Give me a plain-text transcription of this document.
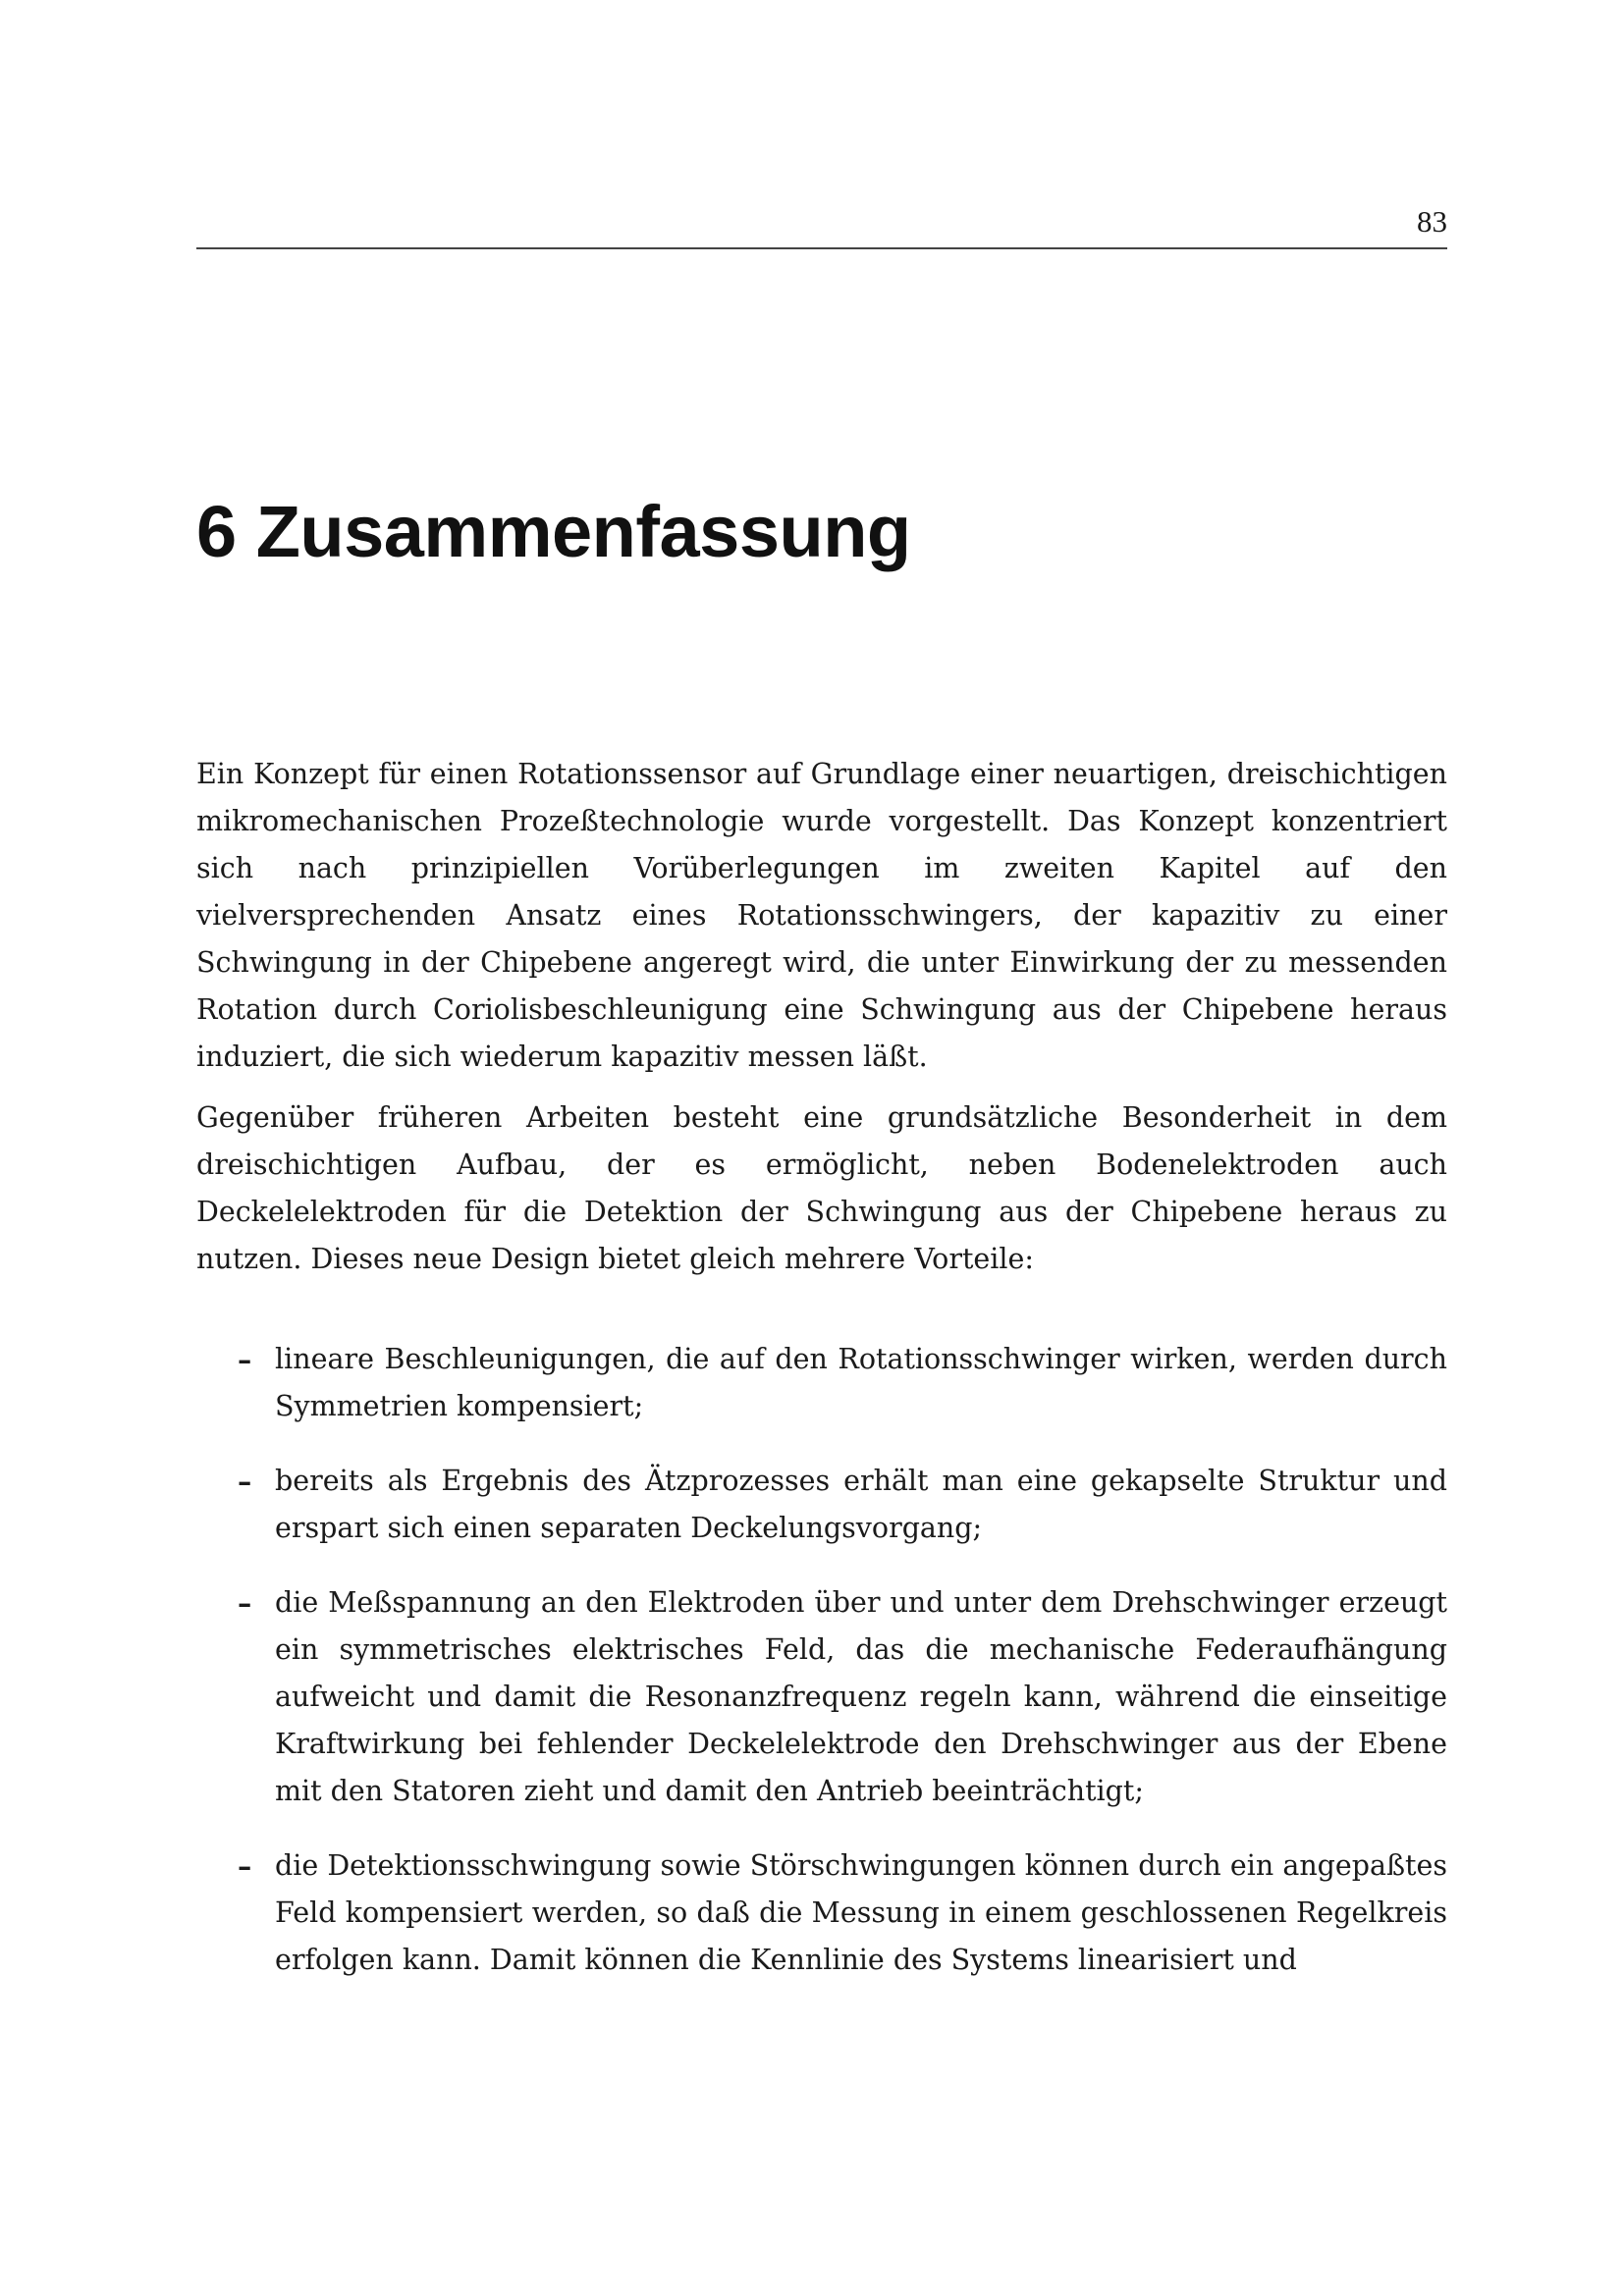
83
6 Zusammenfassung

Ein Konzept für einen Rotationssensor auf Grundlage einer neuartigen, dreischichtigen mikromechanischen Prozeßtechnologie wurde vorgestellt. Das Konzept konzentriert sich nach prinzipiellen Vorüberlegungen im zweiten Kapitel auf den vielversprechenden Ansatz eines Rotationsschwingers, der kapazitiv zu einer Schwingung in der Chipebene angeregt wird, die unter Einwirkung der zu messenden Rotation durch Coriolisbeschleunigung eine Schwingung aus der Chipebene heraus induziert, die sich wiederum kapazitiv messen läßt.

Gegenüber früheren Arbeiten besteht eine grundsätzliche Besonderheit in dem dreischichtigen Aufbau, der es ermöglicht, neben Bodenelektroden auch Deckelelektroden für die Detektion der Schwingung aus der Chipebene heraus zu nutzen. Dieses neue Design bietet gleich mehrere Vorteile:

– lineare Beschleunigungen, die auf den Rotationsschwinger wirken, werden durch Symmetrien kompensiert;
– bereits als Ergebnis des Ätzprozesses erhält man eine gekapselte Struktur und erspart sich einen separaten Deckelungsvorgang;
– die Meßspannung an den Elektroden über und unter dem Drehschwinger erzeugt ein symmetrisches elektrisches Feld, das die mechanische Federaufhängung aufweicht und damit die Resonanzfrequenz regeln kann, während die einseitige Kraftwirkung bei fehlender Deckelelektrode den Drehschwinger aus der Ebene mit den Statoren zieht und damit den Antrieb beeinträchtigt;
– die Detektionsschwingung sowie Störschwingungen können durch ein angepaßtes Feld kompensiert werden, so daß die Messung in einem geschlossenen Regelkreis erfolgen kann. Damit können die Kennlinie des Systems linearisiert und
